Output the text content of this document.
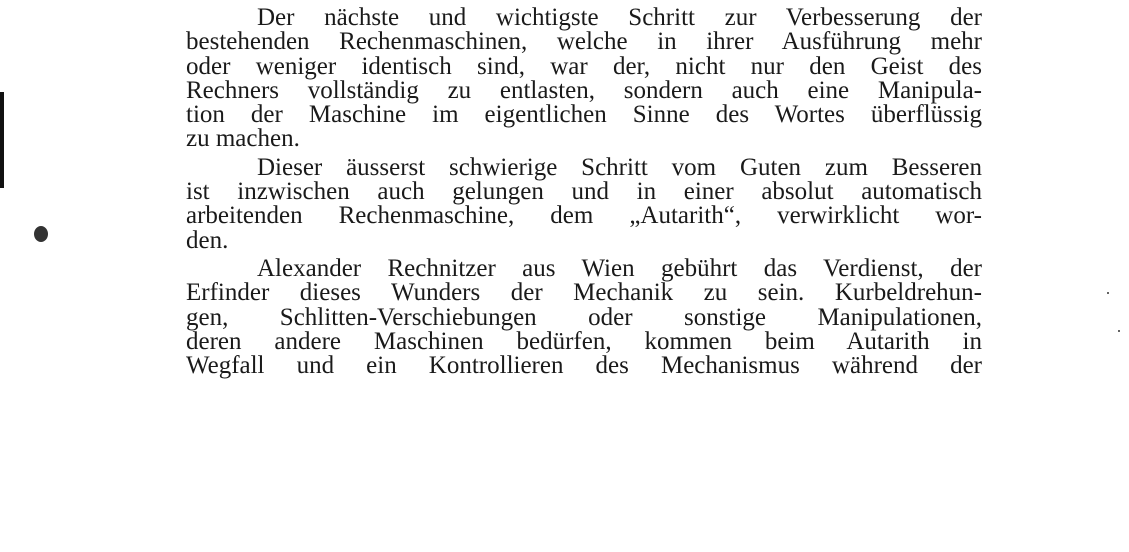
Der nächste und wichtigste Schritt zur Verbesserung der
bestehenden Rechenmaschinen, welche in ihrer Ausführung mehr
oder weniger identisch sind, war der, nicht nur den Geist des
Rechners vollständig zu entlasten, sondern auch eine Manipula-
tion der Maschine im eigentlichen Sinne des Wortes überflüssig
zu machen.
Dieser äusserst schwierige Schritt vom Guten zum Besseren
ist inzwischen auch gelungen und in einer absolut automatisch
arbeitenden Rechenmaschine, dem „Autarith“, verwirklicht wor-
den.
Alexander Rechnitzer aus Wien gebührt das Verdienst, der
Erfinder dieses Wunders der Mechanik zu sein. Kurbeldrehun-
gen, Schlitten-Verschiebungen oder sonstige Manipulationen,
deren andere Maschinen bedürfen, kommen beim Autarith in
Wegfall und ein Kontrollieren des Mechanismus während der
